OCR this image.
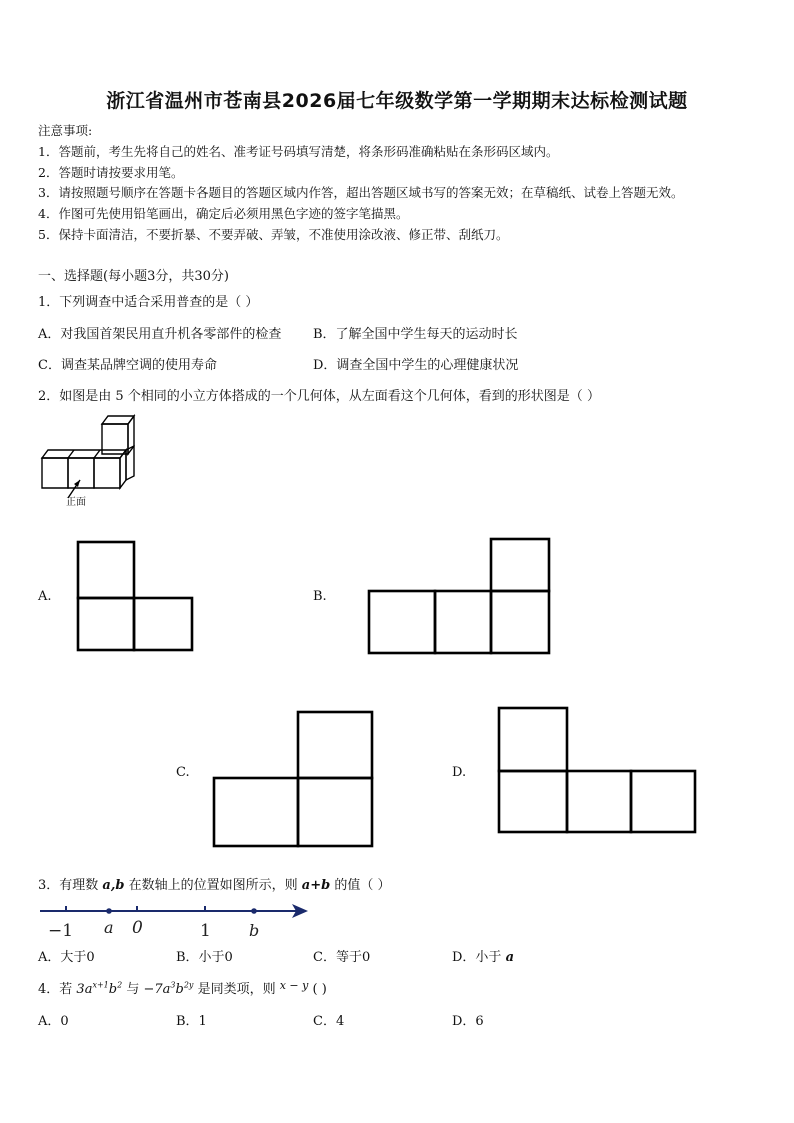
浙江省温州市苍南县2026届七年级数学第一学期期末达标检测试题
注意事项:
1．答题前，考生先将自己的姓名、准考证号码填写清楚，将条形码准确粘贴在条形码区域内。
2．答题时请按要求用笔。
3．请按照题号顺序在答题卡各题目的答题区域内作答，超出答题区域书写的答案无效；在草稿纸、试卷上答题无效。
4．作图可先使用铅笔画出，确定后必须用黑色字迹的签字笔描黑。
5．保持卡面清洁，不要折暴、不要弄破、弄皱，不准使用涂改液、修正带、刮纸刀。
一、选择题(每小题3分，共30分)
1．下列调查中适合采用普查的是（ ）
A．对我国首架民用直升机各零部件的检查 B．了解全国中学生每天的运动时长
C．调查某品牌空调的使用寿命	D．调查全国中学生的心理健康状况
2．如图是由 5 个相同的小立方体搭成的一个几何体，从左面看这个几何体，看到的形状图是（ ）
正面
A.	B.
C.	D.
3．有理数 a,b 在数轴上的位置如图所示，则 a+b 的值（ ）
−1 a 0	1 b
A．大于0	B．小于0	C．等于0	D．小于 a
4．若 $3a^{x+1}b^2$ 与 $-7a^3b^{2y}$ 是同类项，则 $^{x - y}$ ( )
A．0	B．1	C．4	D．6
